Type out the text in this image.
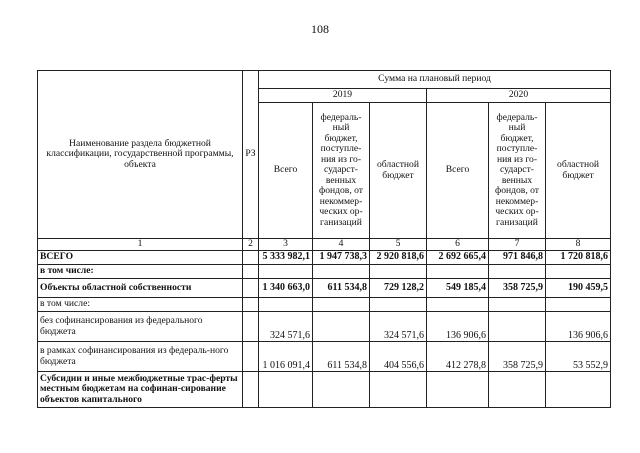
108
Наименование раздела бюджетной классификации, государственной программы, объекта	РЗ	Сумма на плановый период					
		2019			2020		
		Всего	федераль-ный бюджет, поступле-ния из го-сударст-венных фондов, от некоммер-ческих ор-ганизаций	областной бюджет	Всего	федераль-ный бюджет, поступле-ния из го-сударст-венных фондов, от некоммер-ческих ор-ганизаций	областной бюджет
1	2	3	4	5	6	7	8
ВСЕГО		5 333 982,1	1 947 738,3	2 920 818,6	2 692 665,4	971 846,8	1 720 818,6
в том числе:							
Объекты областной собственности		1 340 663,0	611 534,8	729 128,2	549 185,4	358 725,9	190 459,5
в том числе:							
без софинансирования из федерального бюджета		324 571,6		324 571,6	136 906,6		136 906,6
в рамках софинансирования из федераль-ного бюджета		1 016 091,4	611 534,8	404 556,6	412 278,8	358 725,9	53 552,9
Субсидии и иные межбюджетные трас-ферты местным бюджетам на софинан-сирование объектов капитального							
